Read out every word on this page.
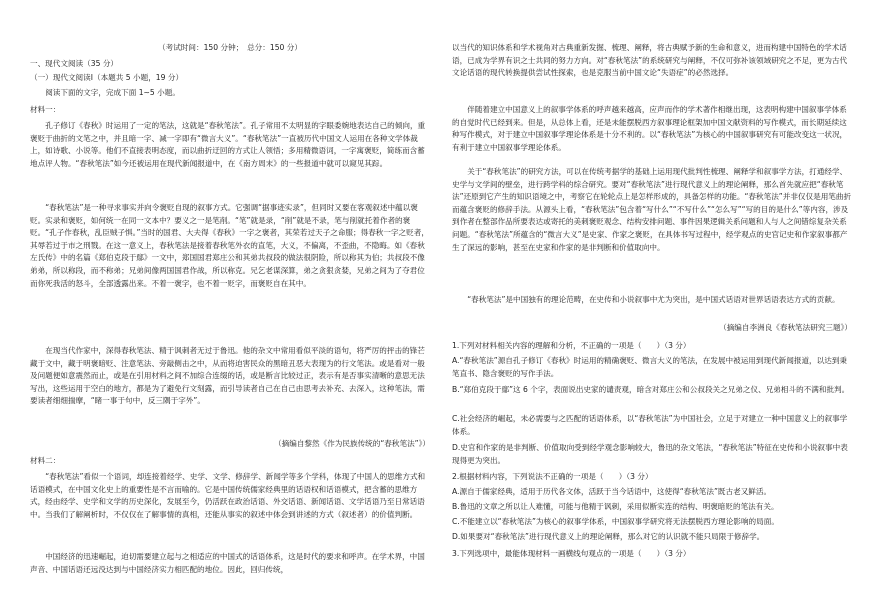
（考试时间：150 分钟；　总分：150 分）

一、现代文阅读（35 分）

（一）现代文阅读Ⅰ（本题共 5 小题，19 分）

阅读下面的文字，完成下面 1~5 小题。

材料一：

孔子修订《春秋》时运用了一定的笔法，这就是“春秋笔法”。孔子常用不太明显的字眼委婉地表达自己的倾向，重褒贬于曲折的文笔之中，并且暗一字、减一字即有“微言大义”。“春秋笔法”一直被历代中国文人运用在各种文学体裁上，如诗歌、小说等。他们不直接表明态度，而以曲折迂回的方式让人领悟；多用精微语词，一字寓褒贬，简练而含蓄地点评人物。“春秋笔法”如今还被运用在现代新闻报道中，在《南方周末》的一些报道中就可以窥见其踪。

“春秋笔法”是一种寻求事实并向令褒贬自现的叙事方式。它强调“据事迹实录”，但同时又要在客观叙述中蕴以褒贬。实录和褒贬，如何统一在同一文本中？要义之一是笔削。“笔”就是录，“削”就是不录，笔与削就托着作者的褒贬。“孔子作春秋，乱臣贼子惧。”当时的国君、大夫得《春秋》一字之褒者，其荣若过天子之命服；得春秋一字之贬者，其辱若过于市之刑戮。在这一意义上，春秋笔法是接着春秋笔外衣的直笔，大义，不偏离，不歪曲，不隐晦。如《春秋左氏传》中的名篇《郑伯克段于鄢》一文中，郑国国君郑庄公和其弟共叔段的做法很阴险，所以称其为伯；共叔段不像弟弟，所以称段，而不称弟；兄弟间像两国国君作战，所以称克。兄乞老谋深算，弟之贪狠贪婪，兄弟之间为了夺君位而你死我活的怒斗，全部透露出来。不着一褒字，也不着一贬字，而褒贬自在其中。

在现当代作家中，深得春秋笔法、精于讽刺者无过于鲁迅。他的杂文中常用看似平淡的语句，将严厉的抨击的锋芒藏于文中，藏于明褒暗贬、注意笔法、旁敲侧击之中，从而将迫害民众的黑暗丑恶大表现为的行文笔法。或是看对一般及问题便如意震然而止，或是在引用材料之间不加综合连缀的话，或是断言比较过正，表示有是否事实清晰的意思无法写出，这些运用于空白的地方，都是为了避免行文刻露，而引导读者自己在自己由思考去补充、去深入，这种笔法，需要读者细细揣摩，“睹一事于句中，反三隅于字外”。

（摘编自黎然《作为民族传统的“春秋笔法”》）

材料二：

“春秋笔法”看似一个语词，却连接着经学、史学、文学、修辞学、新闻学等多个学科，体现了中国人的思维方式和话语模式，在中国文化史上的重要性是不言而喻的。它是中国传统儒家经典里的话语权和话语模式，把含蓄的思维方式，经由经学、史学和文学的历史深化，发展至今，仍活跃在政治话语、外交话语、新闻话语、文学话语乃至日常话语中。当我们了解阐析时，不仅仅在了解事情的真相，还能从事实的叙述中体会到讲述的方式（叙述者）的价值判断。

中国经济的迅速崛起，迫切需要建立起与之相适应的中国式的话语体系，这是时代的要求和呼声。在学术界，中国声音、中国话语还远没达到与中国经济实力相匹配的地位。因此，回归传统，

以当代的知识体系和学术视角对古典重新发掘、梳理、阐释，将古典赋予新的生命和意义，进而构建中国特色的学术话语，已成为学界有识之士共同的努力方向。对“春秋笔法”的系统研究与阐释，不仅可弥补该领域研究之不足，更为古代文论话语的现代转换提供尝试性探索，也是克服当前中国文论“失语症”的必然选择。

伴随着建立中国意义上的叙事学体系的呼声越来越高，应声而作的学术著作相继出现，这表明构建中国叙事学体系的自觉时代已经到来。但是，从总体上看，还是未能摆脱西方叙事理论框架加中国文献资料的写作模式，而长期延续这种写作模式，对于建立中国叙事学理论体系是十分不利的。以“春秋笔法”为核心的中国叙事研究有可能改变这一状况，有利于建立中国叙事学理论体系。

关于“春秋笔法”的研究方法，可以在传统考据学的基础上运用现代批判性梳理、阐释学和叙事学方法，打通经学、史学与文学间的壁垒，进行跨学科的综合研究。要对“春秋笔法”进行现代意义上的理论阐释，那么首先就应把“春秋笔法”还原到它产生的知识语境之中，考察它在轮轮点上是怎样形成的，具备怎样的功能。“春秋笔法”并非仅仅是用笔曲折而蕴含褒贬的修辞手法。从源头上看，“春秋笔法”包含着“写什么”“不写什么”“怎么写”“写的目的是什么”等内容，涉及到作者在整部作品所要表达或寄托的美刺褒贬观念、结构安排问题、事件因果逻辑关系问题和人与人之间错综复杂关系问题。“春秋笔法”所蕴含的“微言大义”是史家、作家之褒贬，在具体书写过程中，经学观点的史官记史和作家叙事都产生了深远的影响，甚至在史家和作家的是非判断和价值取向中。

“春秋笔法”是中国独有的理论范畴，在史传和小说叙事中尤为突出，是中国式话语对世界话语表达方式的贡献。

（摘编自李洲良《春秋笔法研究三题》）

1.下列对材料相关内容的理解和分析，不正确的一项是（　　）（3 分）

A.“春秋笔法”源自孔子修订《春秋》时运用的精确褒贬、微言大义的笔法，在发展中被运用到现代新闻报道，以达到秉笔直书、隐含褒贬的写作手法。

B.“郑伯克段于鄢”这 6 个字，表面说出史家的谴责观，暗含对郑庄公和公叔段关之兄弟之仪、兄弟相斗的不满和批判。

C.社会经济的崛起，未必需要与之匹配的话语体系，以“春秋笔法”为中国社会，立足于对建立一种中国意义上的叙事学体系。

D.史官和作家的是非判断、价值取向受到经学观念影响较大，鲁迅的杂文笔法，“春秋笔法”特征在史传和小说叙事中表现得更为突出。

2.根据材料内容，下列说法不正确的一项是（　　）（3 分）

A.源自于儒家经典，适用于历代各文体，活跃于当今话语中，这使得“春秋笔法”既古老又鲜活。

B.鲁迅的文章之所以让人难懂，可能与他精于讽刺，采用似断实连的结构、明褒暗贬的笔法有关。

C.不能建立以“春秋笔法”为核心的叙事学体系，中国叙事学研究将无法摆脱西方理论影响的局面。

D.如果要对“春秋笔法”进行现代意义上的理论阐释，那么对它的认识就不能只局限于修辞学。

3.下列选项中，最能体现材料一画横线句观点的一项是（　　）（3 分）
